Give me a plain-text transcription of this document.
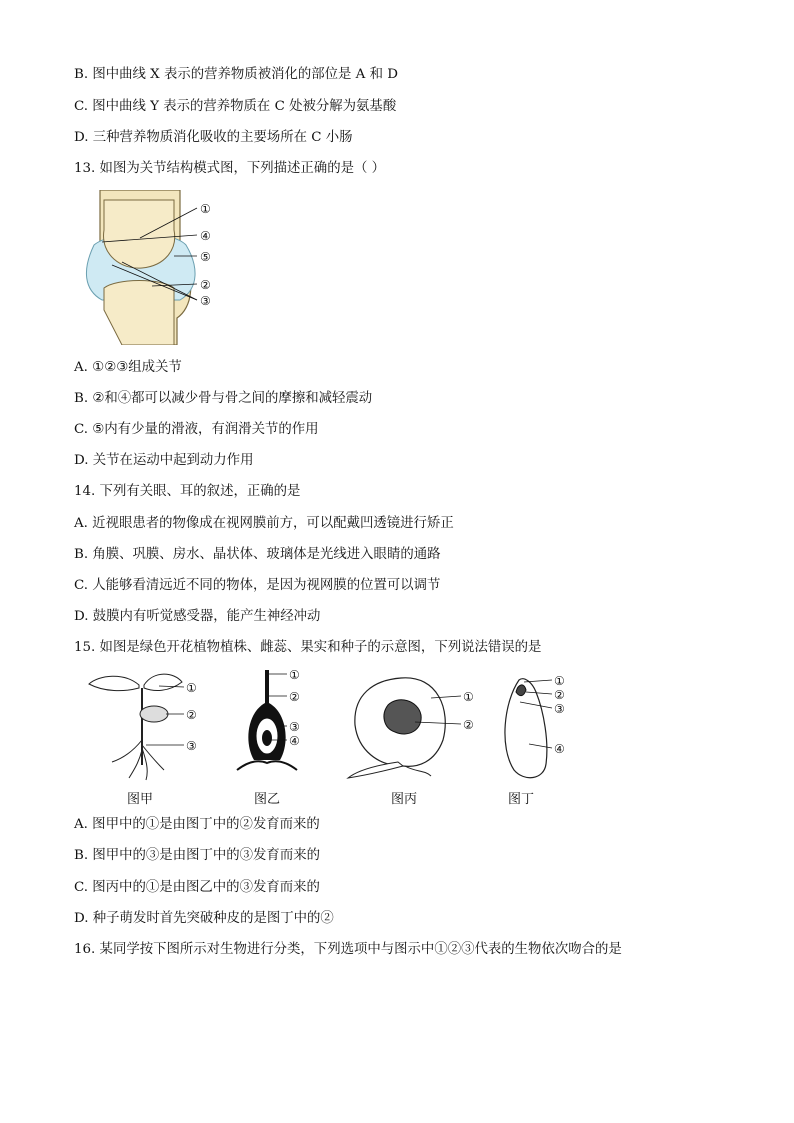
B. 图中曲线 X 表示的营养物质被消化的部位是 A 和 D
C. 图中曲线 Y 表示的营养物质在 C 处被分解为氨基酸
D. 三种营养物质消化吸收的主要场所在 C 小肠
13. 如图为关节结构模式图，下列描述正确的是（ ）
①
④
⑤
②
③
A. ①②③组成关节
B. ②和④都可以减少骨与骨之间的摩擦和减轻震动
C. ⑤内有少量的滑液，有润滑关节的作用
D. 关节在运动中起到动力作用
14. 下列有关眼、耳的叙述，正确的是
A. 近视眼患者的物像成在视网膜前方，可以配戴凹透镜进行矫正
B. 角膜、巩膜、房水、晶状体、玻璃体是光线进入眼睛的通路
C. 人能够看清远近不同的物体，是因为视网膜的位置可以调节
D. 鼓膜内有听觉感受器，能产生神经冲动
15. 如图是绿色开花植物植株、雌蕊、果实和种子的示意图，下列说法错误的是
①
②
③
图甲
①
②
③
④
图乙
①
②
图丙
①
②
③
④
图丁
A. 图甲中的①是由图丁中的②发育而来的
B. 图甲中的③是由图丁中的③发育而来的
C. 图丙中的①是由图乙中的③发育而来的
D. 种子萌发时首先突破种皮的是图丁中的②
16. 某同学按下图所示对生物进行分类，下列选项中与图示中①②③代表的生物依次吻合的是
